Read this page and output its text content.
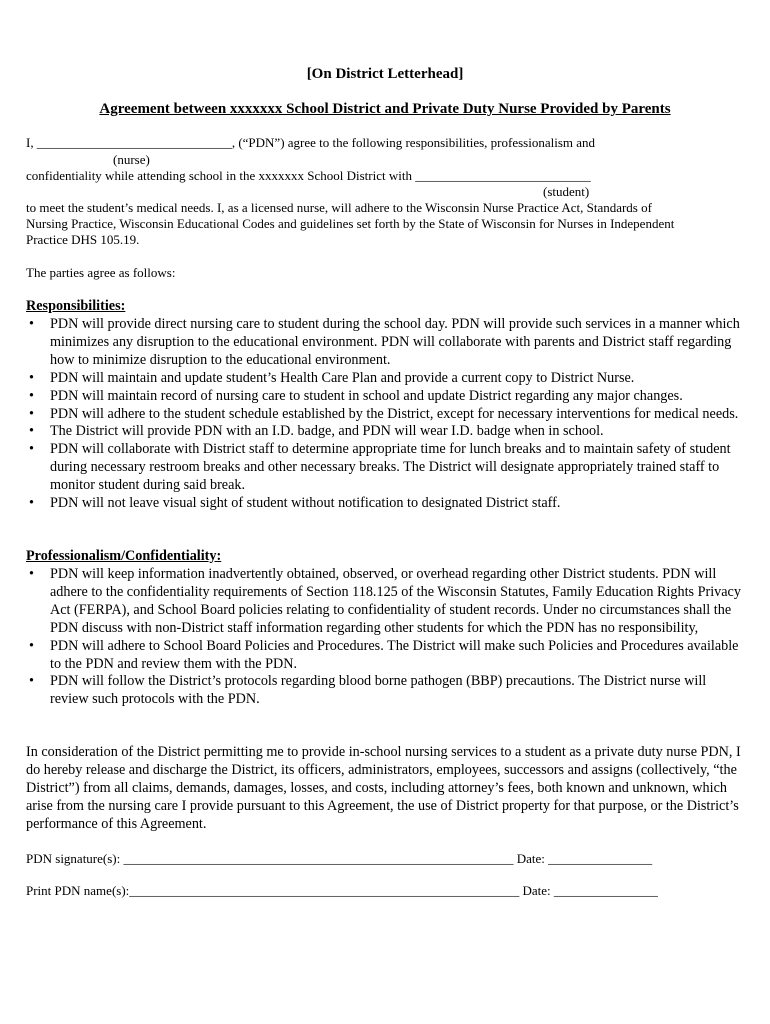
[On District Letterhead]
Agreement between xxxxxxx School District and Private Duty Nurse Provided by Parents
I, ______________________________, (“PDN”) agree to the following responsibilities, professionalism and
(nurse)
confidentiality while attending school in the xxxxxxx School District with ___________________________
(student)
to meet the student’s medical needs. I, as a licensed nurse, will adhere to the Wisconsin Nurse Practice Act, Standards of
Nursing Practice, Wisconsin Educational Codes and guidelines set forth by the State of Wisconsin for Nurses in Independent
Practice DHS 105.19.
The parties agree as follows:
Responsibilities:
• PDN will provide direct nursing care to student during the school day. PDN will provide such services in a manner which minimizes any disruption to the educational environment. PDN will collaborate with parents and District staff regarding how to minimize disruption to the educational environment.
• PDN will maintain and update student’s Health Care Plan and provide a current copy to District Nurse.
• PDN will maintain record of nursing care to student in school and update District regarding any major changes.
• PDN will adhere to the student schedule established by the District, except for necessary interventions for medical needs.
• The District will provide PDN with an I.D. badge, and PDN will wear I.D. badge when in school.
• PDN will collaborate with District staff to determine appropriate time for lunch breaks and to maintain safety of student during necessary restroom breaks and other necessary breaks. The District will designate appropriately trained staff to monitor student during said break.
• PDN will not leave visual sight of student without notification to designated District staff.
Professionalism/Confidentiality:
• PDN will keep information inadvertently obtained, observed, or overhead regarding other District students. PDN will adhere to the confidentiality requirements of Section 118.125 of the Wisconsin Statutes, Family Education Rights Privacy Act (FERPA), and School Board policies relating to confidentiality of student records. Under no circumstances shall the PDN discuss with non-District staff information regarding other students for which the PDN has no responsibility,
• PDN will adhere to School Board Policies and Procedures. The District will make such Policies and Procedures available to the PDN and review them with the PDN.
• PDN will follow the District’s protocols regarding blood borne pathogen (BBP) precautions. The District nurse will review such protocols with the PDN.
In consideration of the District permitting me to provide in-school nursing services to a student as a private duty nurse PDN, I do hereby release and discharge the District, its officers, administrators, employees, successors and assigns (collectively, “the District”) from all claims, demands, damages, losses, and costs, including attorney’s fees, both known and unknown, which arise from the nursing care I provide pursuant to this Agreement, the use of District property for that purpose, or the District’s performance of this Agreement.
PDN signature(s): ____________________________________________________________ Date: ________________
Print PDN name(s):____________________________________________________________ Date: ________________
